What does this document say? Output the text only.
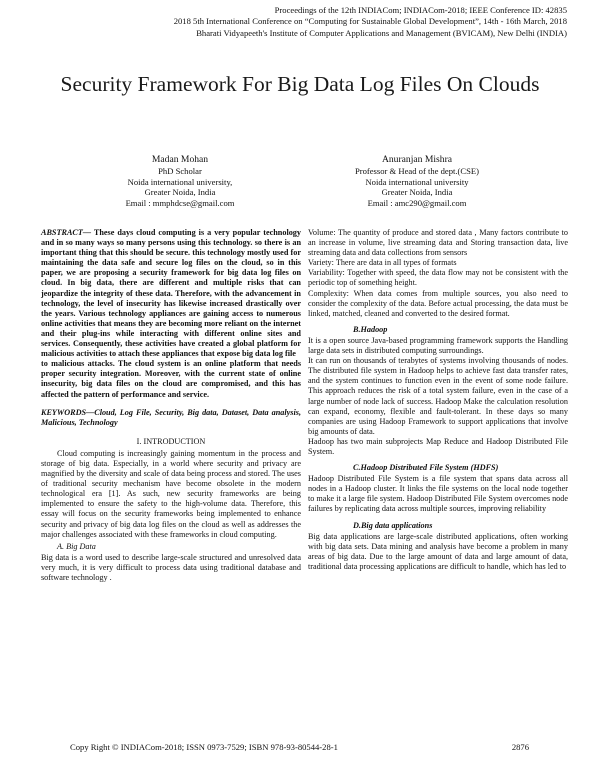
Proceedings of the 12th INDIACom; INDIACom-2018; IEEE Conference ID: 42835
2018 5th International Conference on “Computing for Sustainable Global Development”, 14th - 16th March, 2018
Bharati Vidyapeeth's Institute of Computer Applications and Management (BVICAM), New Delhi (INDIA)
Security Framework For Big Data Log Files On Clouds
Madan Mohan
PhD Scholar
Noida international university,
Greater Noida, India
Email : mmphdcse@gmail.com
Anuranjan Mishra
Professor & Head of the dept.(CSE)
Noida international university
Greater Noida, India
Email : amc290@gmail.com

ABSTRACT— These days cloud computing is a very popular technology and in so many ways so many persons using this technology. so there is an important thing that this should be secure. this technology mostly used for maintaining the data safe and secure log files on the cloud, so in this paper, we are proposing a security framework for big data log files on cloud. In big data, there are different and multiple risks that can jeopardize the integrity of these data. Therefore, with the advancement in technology, the level of insecurity has likewise increased drastically over the years. Various technology appliances are gaining access to numerous online activities that means they are becoming more reliant on the internet and their plug-ins while interacting with different online sites and services. Consequently, these activities have created a global platform for malicious activities to attach these appliances that expose big data log file

to malicious attacks. The cloud system is an online platform that needs proper security integration. Moreover, with the current state of online insecurity, big data files on the cloud are compromised, and this has affected the pattern of performance and service.

KEYWORDS—Cloud, Log File, Security, Big data, Dataset, Data analysis, Malicious, Technology

I. INTRODUCTION

Cloud computing is increasingly gaining momentum in the process and storage of big data. Especially, in a world where security and privacy are magnified by the diversity and scale of data being process and stored. The uses of traditional security mechanism have become obsolete in the modern technological era [1]. As such, new security frameworks are being implemented to ensure the safety to the high-volume data. Therefore, this essay will focus on the security frameworks being implemented to enhance security and privacy of big data log files on the cloud as well as addresses the major challenges associated with these frameworks in cloud computing.

A. Big Data

Big data is a word used to describe large-scale structured and unresolved data very much, it is very difficult to process data using traditional database and software technology .

Volume: The quantity of produce and stored data , Many factors contribute to an increase in volume, live streaming data and Storing transaction data, live streaming data and data collections from sensors

Variety: There are data in all types of formats

Variability: Together with speed, the data flow may not be consistent with the periodic top of something height.

Complexity: When data comes from multiple sources, you also need to consider the complexity of the data. Before actual processing, the data must be linked, matched, cleaned and converted to the desired format.

B.Hadoop

It is a open source Java-based programming framework supports the Handling large data sets in distributed computing surroundings.

It can run on thousands of terabytes of systems involving thousands of nodes. The distributed file system in Hadoop helps to achieve fast data transfer rates, and the system continues to function even in the event of some node failure. This approach reduces the risk of a total system failure, even in the case of a large number of node lack of success. Hadoop Make the calculation resolution can expand, economy, flexible and fault-tolerant. In these days so many companies are using Hadoop Framework to support applications that involve big amounts of data.

Hadoop has two main subprojects Map Reduce and Hadoop Distributed File System.

C.Hadoop Distributed File System (HDFS)

Hadoop Distributed File System is a file system that spans data across all nodes in a Hadoop cluster. It links the file systems on the local node together to make it a large file system. Hadoop Distributed File System overcomes node failures by replicating data across multiple sources, improving reliability

D.Big data applications

Big data applications are large-scale distributed applications, often working with big data sets. Data mining and analysis have become a problem in many areas of big data. Due to the large amount of data and large amount of data, traditional data processing applications are difficult to handle, which has led to

Copy Right © INDIACom-2018; ISSN 0973-7529; ISBN 978-93-80544-28-1	2876
